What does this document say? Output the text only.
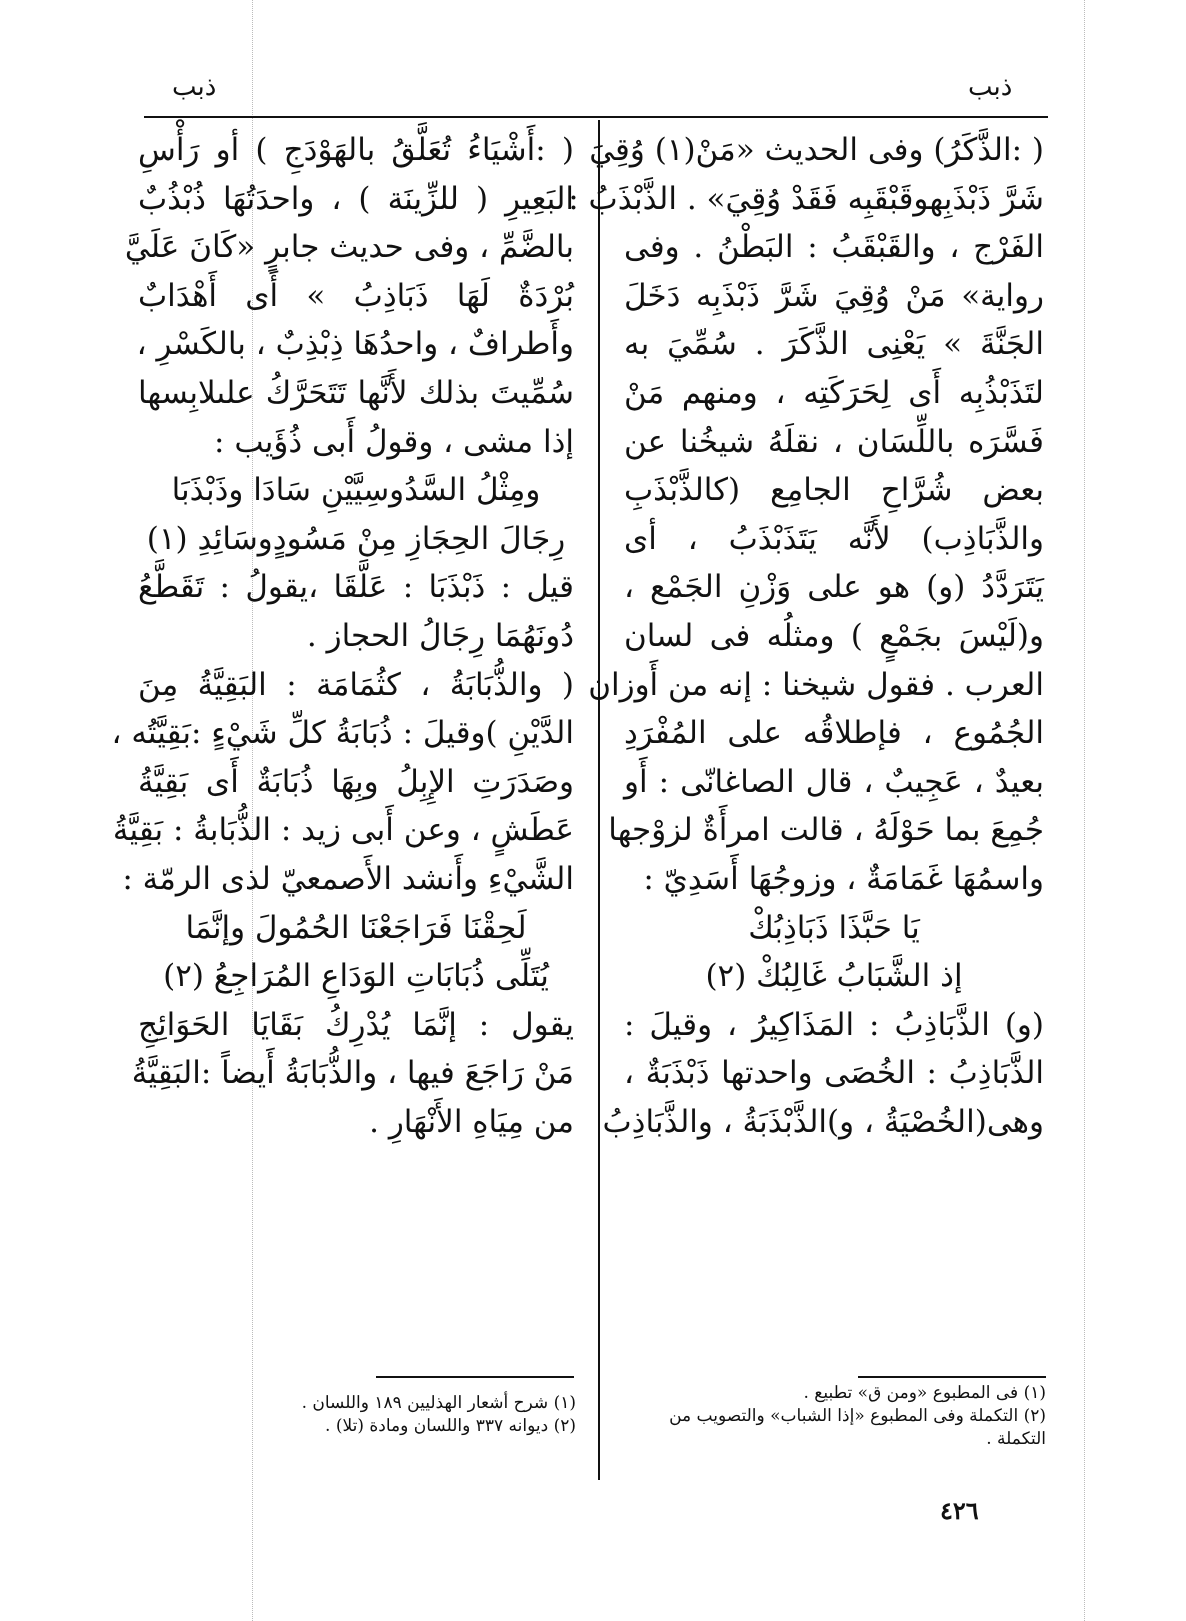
ذبب
ذبب
( :الذَّكَرُ) وفى الحديث «مَنْ(١) وُقِيَ
شَرَّ ذَبْذَبِهوقَبْقَبِه فَقَدْ وُقِيَ» . الذَّبْذَبُ :
الفَرْج ، والقَبْقَبُ : البَطْنُ . وفى
رواية» مَنْ وُقِيَ شَرَّ ذَبْذَبِه دَخَلَ
الجَنَّةَ » يَعْنِى الذَّكَرَ . سُمِّيَ به
لتَذَبْذُبِه أَى لِحَرَكَتِه ، ومنهم مَنْ
فَسَّرَه باللِّسَان ، نقلَهُ شيخُنا عن
بعض شُرَّاحِ الجامِع (كالذَّبْذَبِ
والذَّبَاذِب) لأَنَّه يَتَذَبْذَبُ ، أى
يَتَرَدَّدُ (و) هو على وَزْنِ الجَمْع ،
و(لَيْسَ بجَمْعٍ ) ومثلُه فى لسان
العرب . فقول شيخنا : إنه من أَوزان
الجُمُوع ، فإطلاقُه على المُفْرَدِ
بعيدٌ ، عَجِيبٌ ، قال الصاغانّى : أَو
جُمِعَ بما حَوْلَهُ ، قالت امرأَةٌ لزوْجها
واسمُهَا غَمَامَةٌ ، وزوجُهَا أَسَدِيّ :
يَا حَبَّذَا ذَبَاذِبُكْ
إذ الشَّبَابُ غَالِبُكْ (٢)
(و) الذَّبَاذِبُ : المَذَاكِيرُ ، وقيلَ :
الذَّبَاذِبُ : الخُصَى واحدتها ذَبْذَبَةٌ ،
وهى(الخُصْيَةُ ، و)الذَّبْذَبَةُ ، والذَّبَاذِبُ
( :أَشْيَاءُ تُعَلَّقُ بالهَوْدَجِ ) أو رَأْسِ
البَعِيرِ ( للزِّينَة ) ، واحدَتُهَا ذُبْذُبٌ
بالضَّمِّ ، وفى حديث جابرٍ «كَانَ عَلَيَّ
بُرْدَةٌ لَهَا ذَبَاذِبُ » أَى أَهْدَابٌ
وأَطرافٌ ، واحدُهَا ذِبْذِبٌ ، بالكَسْرِ ،
سُمِّيتَ بذلك لأَنَّها تَتَحَرَّكُ علىلابِسها
إذا مشى ، وقولُ أَبى ذُؤَيب :
ومِثْلُ السَّدُوسِيَّيْنِ سَادَا وذَبْذَبَا
رِجَالَ الحِجَازِ مِنْ مَسُودٍوسَائِدِ (١)
قيل : ذَبْذَبَا : عَلَّقَا ،يقولُ : تَقَطَّعُ
دُونَهُمَا رِجَالُ الحجاز .
( والذُّبَابَةُ ، كثُمَامَة : البَقِيَّةُ مِنَ
الدَّيْنِ )وقيلَ : ذُبَابَةُ كلِّ شَيْءٍ :بَقِيَّتُه ،
وصَدَرَتِ الإِبِلُ وبِهَا ذُبَابَةٌ أَى بَقِيَّةُ
عَطَشٍ ، وعن أَبى زيد : الذُّبَابةُ : بَقِيَّةُ
الشَّيْءِ وأَنشد الأَصمعيّ لذى الرمّة :
لَحِقْنَا فَرَاجَعْنَا الحُمُولَ وإنَّمَا
يُتَلِّى ذُبَابَاتِ الوَدَاعِ المُرَاجِعُ (٢)
يقول : إنَّمَا يُدْرِكُ بَقَايَا الحَوَائِجِ
مَنْ رَاجَعَ فيها ، والذُّبَابَةُ أَيضاً :البَقِيَّةُ
من مِيَاهِ الأَنْهَارِ .
(١) فى المطبوع «ومن ق» تطبيع .
(٢) التكملة وفى المطبوع «إذا الشباب» والتصويب من
التكملة .
(١) شرح أشعار الهذليين ١٨٩ واللسان .
(٢) ديوانه ٣٣٧ واللسان ومادة (تلا) .
٤٢٦
